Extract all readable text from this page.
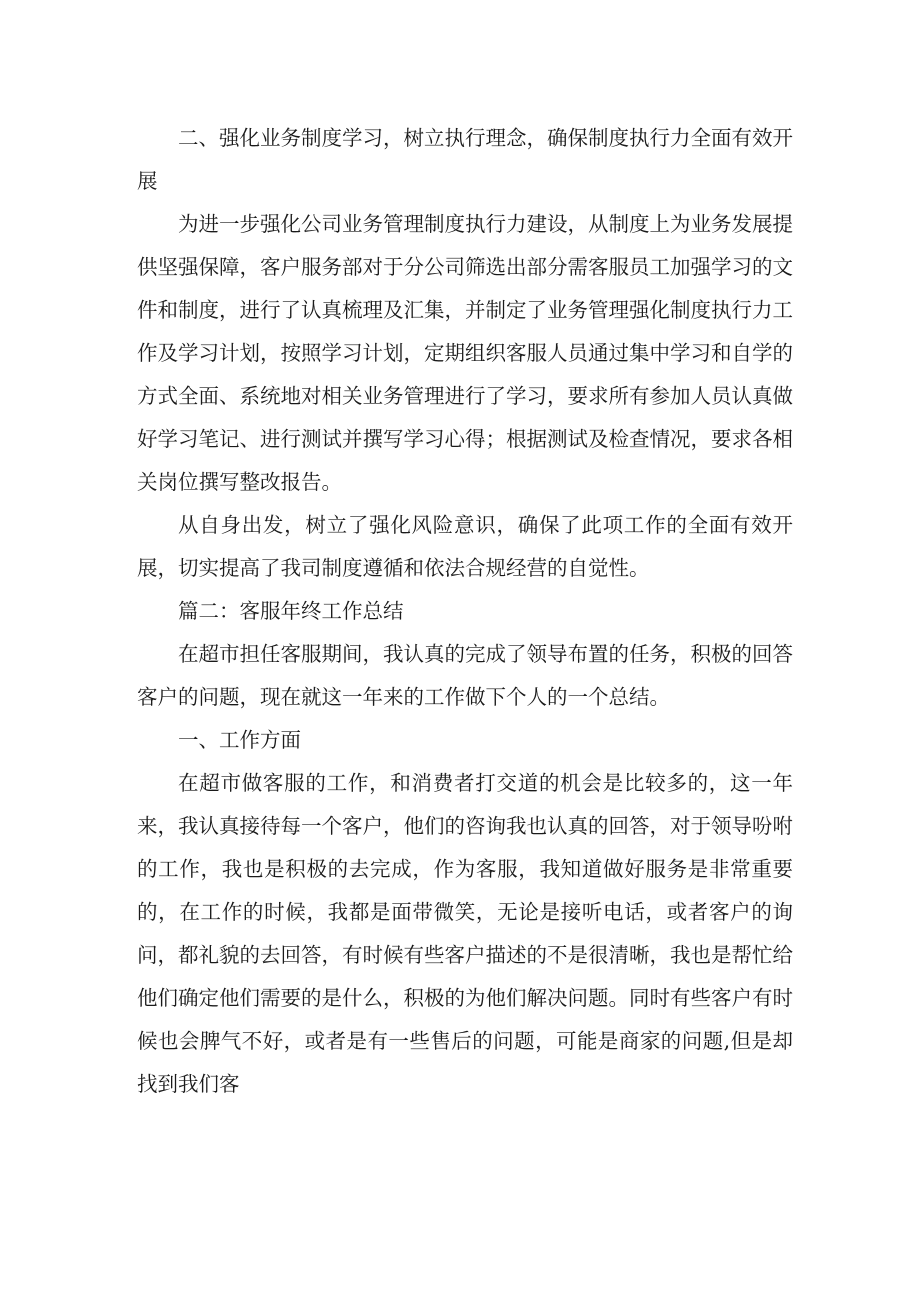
二、强化业务制度学习，树立执行理念，确保制度执行力全面有效开展

为进一步强化公司业务管理制度执行力建设，从制度上为业务发展提供坚强保障，客户服务部对于分公司筛选出部分需客服员工加强学习的文件和制度，进行了认真梳理及汇集，并制定了业务管理强化制度执行力工作及学习计划，按照学习计划，定期组织客服人员通过集中学习和自学的方式全面、系统地对相关业务管理进行了学习，要求所有参加人员认真做好学习笔记、进行测试并撰写学习心得；根据测试及检查情况，要求各相关岗位撰写整改报告。

从自身出发，树立了强化风险意识，确保了此项工作的全面有效开展，切实提高了我司制度遵循和依法合规经营的自觉性。

篇二：客服年终工作总结

在超市担任客服期间，我认真的完成了领导布置的任务，积极的回答客户的问题，现在就这一年来的工作做下个人的一个总结。

一、工作方面

在超市做客服的工作，和消费者打交道的机会是比较多的，这一年来，我认真接待每一个客户，他们的咨询我也认真的回答，对于领导吩咐的工作，我也是积极的去完成，作为客服，我知道做好服务是非常重要的，在工作的时候，我都是面带微笑，无论是接听电话，或者客户的询问，都礼貌的去回答，有时候有些客户描述的不是很清晰，我也是帮忙给他们确定他们需要的是什么，积极的为他们解决问题。同时有些客户有时候也会脾气不好，或者是有一些售后的问题，可能是商家的问题,但是却找到我们客
